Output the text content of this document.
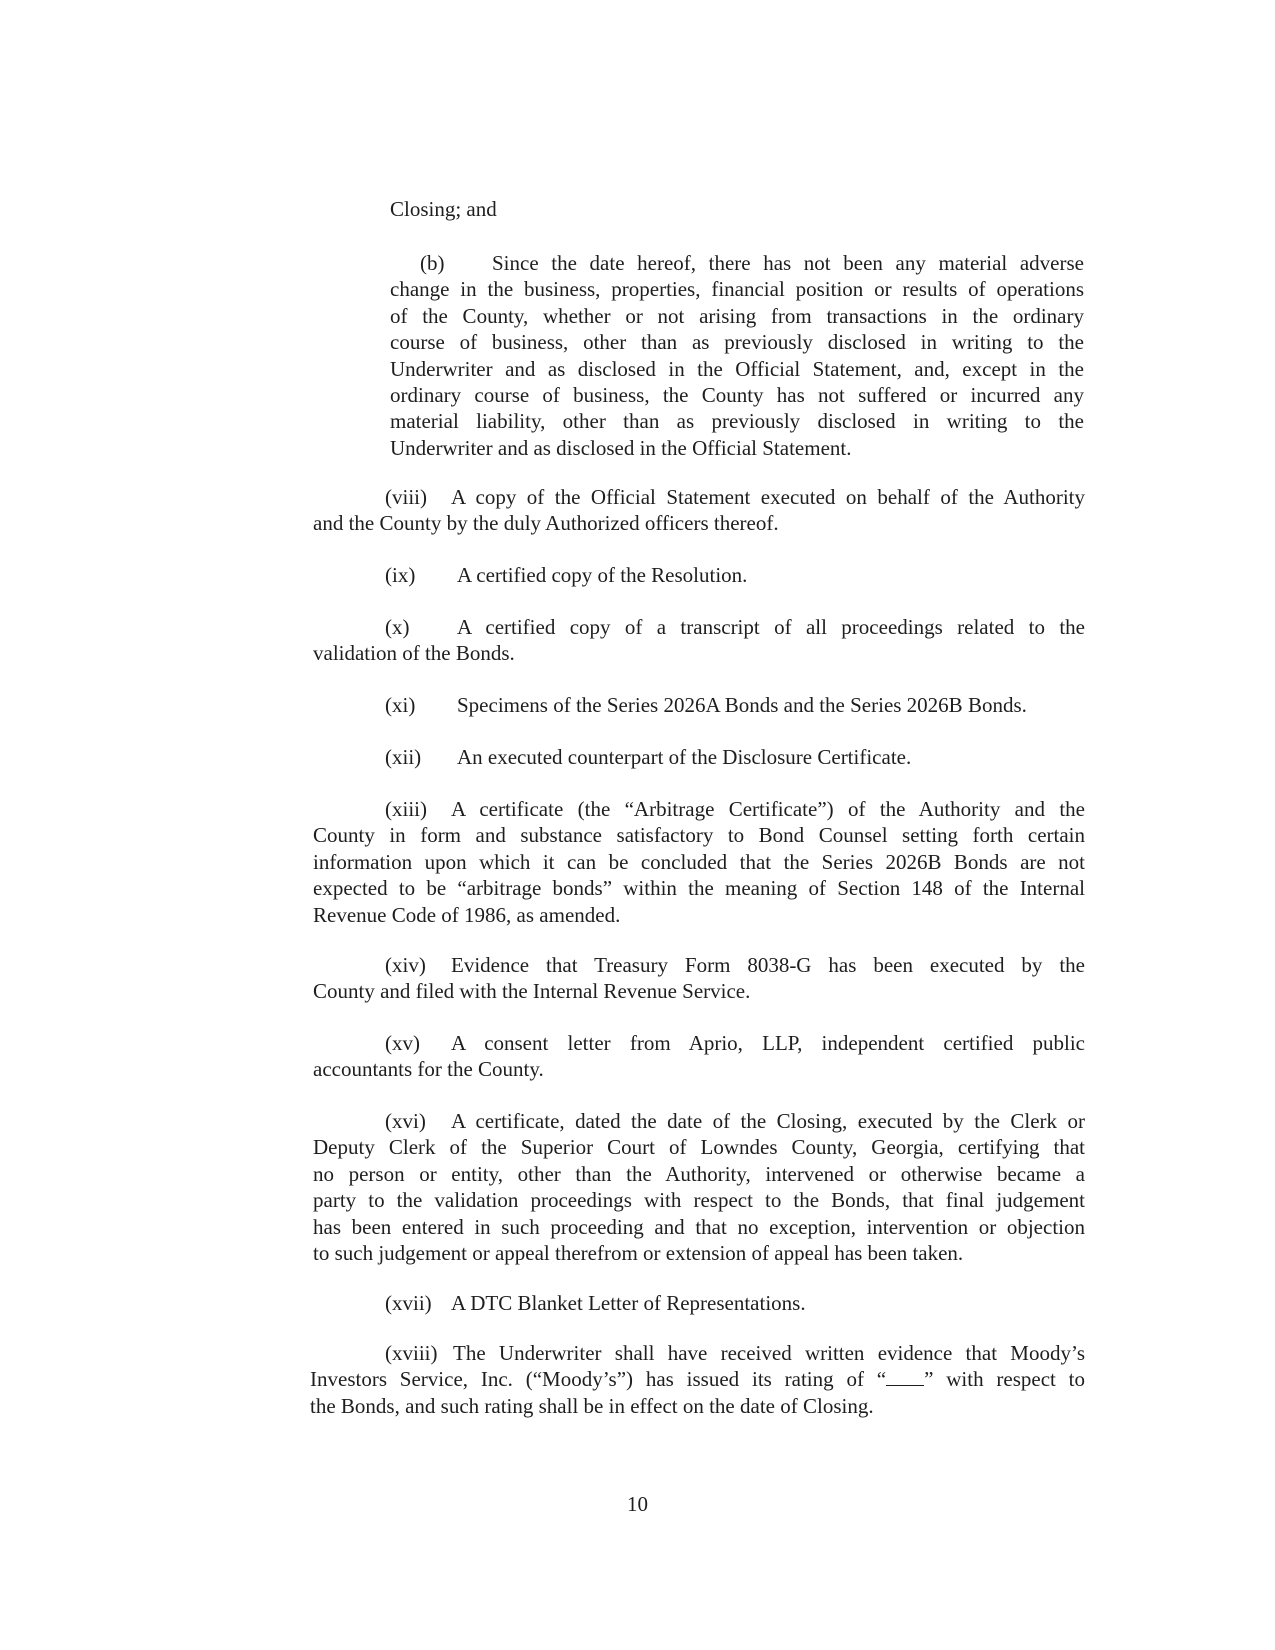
Closing; and
(b) Since the date hereof, there has not been any material adverse
change in the business, properties, financial position or results of operations
of the County, whether or not arising from transactions in the ordinary
course of business, other than as previously disclosed in writing to the
Underwriter and as disclosed in the Official Statement, and, except in the
ordinary course of business, the County has not suffered or incurred any
material liability, other than as previously disclosed in writing to the
Underwriter and as disclosed in the Official Statement.
(viii) A copy of the Official Statement executed on behalf of the Authority
and the County by the duly Authorized officers thereof.
(ix) A certified copy of the Resolution.
(x) A certified copy of a transcript of all proceedings related to the
validation of the Bonds.
(xi) Specimens of the Series 2026A Bonds and the Series 2026B Bonds.
(xii) An executed counterpart of the Disclosure Certificate.
(xiii) A certificate (the “Arbitrage Certificate”) of the Authority and the
County in form and substance satisfactory to Bond Counsel setting forth certain
information upon which it can be concluded that the Series 2026B Bonds are not
expected to be “arbitrage bonds” within the meaning of Section 148 of the Internal
Revenue Code of 1986, as amended.
(xiv) Evidence that Treasury Form 8038-G has been executed by the
County and filed with the Internal Revenue Service.
(xv) A consent letter from Aprio, LLP, independent certified public
accountants for the County.
(xvi) A certificate, dated the date of the Closing, executed by the Clerk or
Deputy Clerk of the Superior Court of Lowndes County, Georgia, certifying that
no person or entity, other than the Authority, intervened or otherwise became a
party to the validation proceedings with respect to the Bonds, that final judgement
has been entered in such proceeding and that no exception, intervention or objection
to such judgement or appeal therefrom or extension of appeal has been taken.
(xvii) A DTC Blanket Letter of Representations.
(xviii) The Underwriter shall have received written evidence that Moody’s
Investors Service, Inc. (“Moody’s”) has issued its rating of “ ” with respect to
the Bonds, and such rating shall be in effect on the date of Closing.
10
